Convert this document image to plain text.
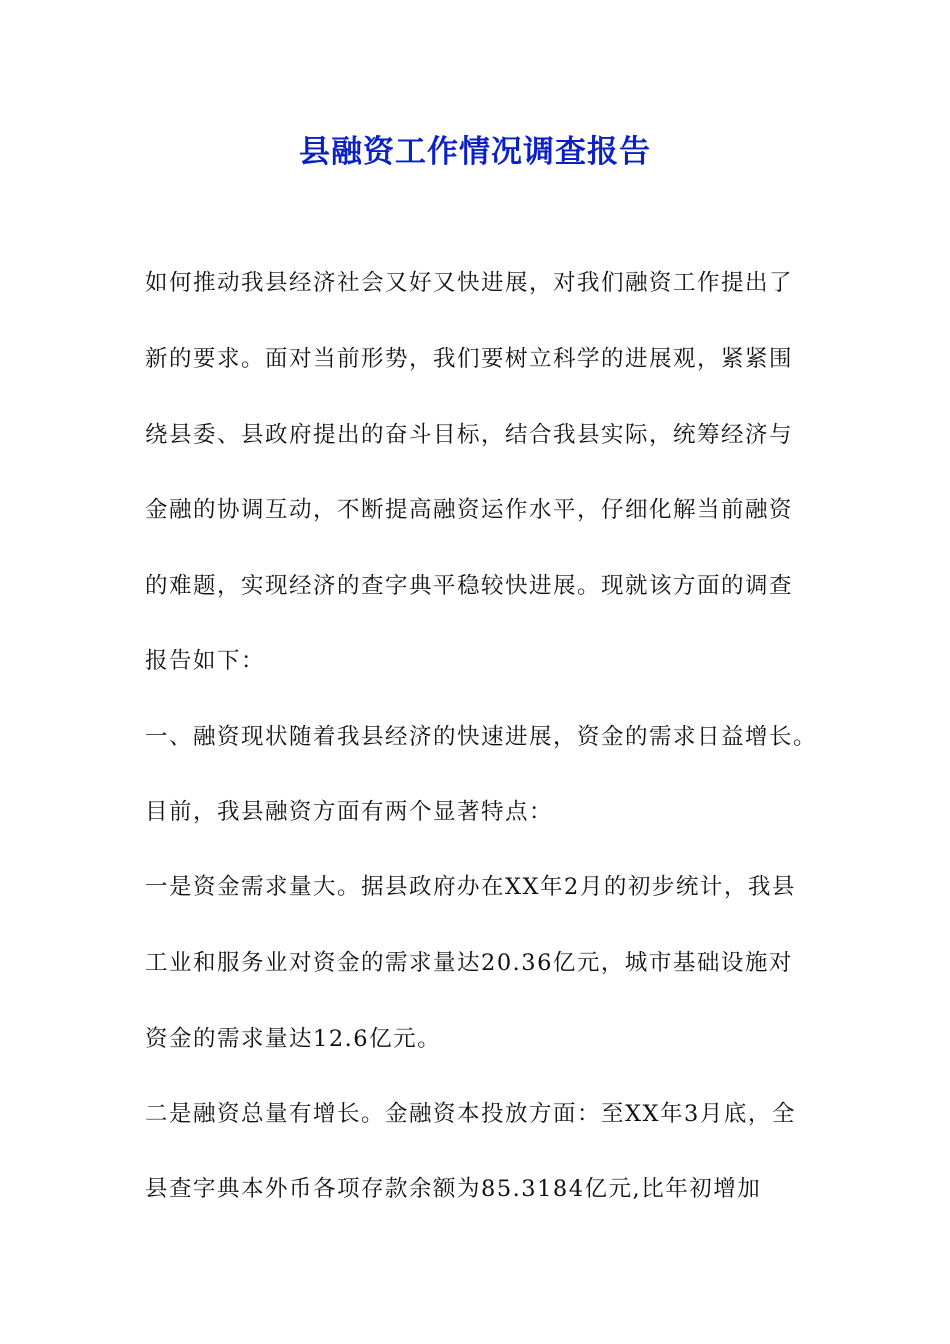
县融资工作情况调查报告
如何推动我县经济社会又好又快进展，对我们融资工作提出了
新的要求。面对当前形势，我们要树立科学的进展观，紧紧围
绕县委、县政府提出的奋斗目标，结合我县实际，统筹经济与
金融的协调互动，不断提高融资运作水平，仔细化解当前融资
的难题，实现经济的查字典平稳较快进展。现就该方面的调查
报告如下：
一、融资现状随着我县经济的快速进展，资金的需求日益增长。
目前，我县融资方面有两个显著特点：
一是资金需求量大。据县政府办在XX年2月的初步统计，我县
工业和服务业对资金的需求量达20.36亿元，城市基础设施对
资金的需求量达12.6亿元。
二是融资总量有增长。金融资本投放方面：至XX年3月底，全
县查字典本外币各项存款余额为85.3184亿元,比年初增加
